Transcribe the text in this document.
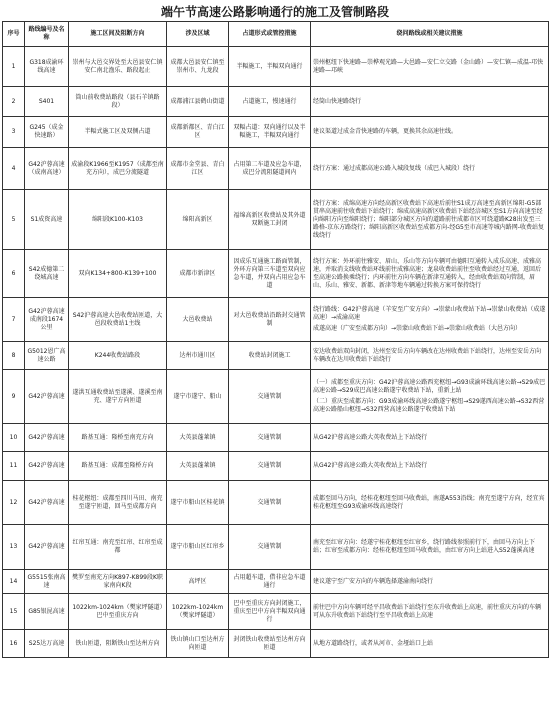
端午节高速公路影响通行的施工及管制路段
序号	路线编号及名称	施工区间及阻断方向	涉及区域	占道形式或管控措施	绕问路线或相关建议措施
1	G318成渝环线高速	崇州与大邑交界处至大邑县安仁镇安仁南北渔乐、路段起止	成都大邑县安仁镇至崇州市、九龙段	半幅施工，半幅双向通行	崇州枢纽下快速路—崇桦观光路—大邑路—安仁立交路（金山路）—安仁镇—成温-邛快速路—邛峡

2	S401	筒山前收费站路段（县石羊镇路段）	成都浦江县鹤山街道	占道施工，慢速通行	经筒山快速路绕行

3	G245（成金快速路）	半幅式施工区及双侧占道	成都新都区、青白江区	双幅占道：双向通行以及半幅施工，半幅双向通行	建议渠道过成金青快速路的车辆，更换其余高速往线。

4	G42沪蓉高速（成南高速）	成渝段K1966至K1957（成都至南充方向），成巴分流隧道	成都市金堂县、青白江区	占用第二车道及应急车道，成巴分流阻隧道间内	绕行方案：通过成都高速公路入城段复线（成巴入城段）绕行

5	S1成资高速	绵阳段K100-K103	绵阳高新区	福绵高新区收费站及其外道双断施工封闭	绕行方案：成绵高速方向经高新区收费站下高速后前往S1成万高速至高新区绵阳-G5部贯串高速前往收费站下站绕行；绵成高速高新区收费站下站经涪城区至S1方向高速至经向绵阳方向至绵阳绕行；绵阳部分城区方向的道路前往成都市区可绕道路K28出发至三路格-京东方路绕行；绵阳高新区收费站至成都方向-经G5至市高速等城内路网-收费站复线绕行

6	S42成德第二绕城高速	双向K134+800-K139+100	成都市新津区	因成乐互通施工路面管制，外环方向第三车道至双向应急车道，并双向占用应急车道	绕行方案：外环前往雅安、眉山、乐山等方向车辆可由德阳互通转入成乐高速、成雅高速，并取消支线收费站环线前往成雅高速；龙泉收费站前往至收费站经过互通，返回后至高速公路换乘绕行；内环前往方向车辆在新津互通转入，经由收费站双向管制，眉山、乐山、雅安、新都、新津等地车辆通过转换方案可保持绕行

7	G42沪蓉高速成南段1674公里	S42沪蓉高速大邑收费站匝道，大邑段收费站1主线	大邑收费站	对大邑收费站沿路封交通管制	绕行路线：G42沪蓉高速（羊安至广安方向）→崇蒙山收费站下站→崇蒙山收费站（成遂高速）→成渝高速
成遂高速（广安至成都方向）→崇蒙山收费站下站→崇蒙山收费站（大邑方向）

8	G5012恩广高速公路	K244收费站路段	达州市通川区	收费站封闭施工	安达收费站双向封闭，达州至安岳方向车辆改在达州收费站下站绕行，达州至安岳方向车辆改在达川收费站下站绕行

9	G42沪蓉高速	遂洪互通收费站至遂溪、遂溪至南充、遂宁方向匝道	遂宁市遂宁、船山	交通管制	（一）成都至重庆方向：G42沪蓉高速公路西充枢纽→G93成渝环线高速公路→S29成巴高速公路→S29成巴高速公路遂宁收费站下站，重新上站
（二）重庆至成都方向：G93成渝环线高速公路遂宁枢纽→S29遂西高速公路→S32西营高速公路船山枢纽→S32西营高速公路遂宁收费站下站

10	G42沪蓉高速	路基互通：隆桥至南充方向	大英县蓬莱镇	交通管制	从G42沪蓉高速公路大英收费站上下站绕行

11	G42沪蓉高速	路基互通：成都至隆桥方向	大英县蓬莱镇	交通管制	从G42沪蓉高速公路大英收费站上下站绕行

12	G42沪蓉高速	桂花枢纽：成都至四川马田、南充至遂宁匝道，回马至成都方向	遂宁市船山区桂花镇	交通管制	成都至回马方向，经桂花枢纽至回马收费站，南遂A553沿线；南充至遂宁方向，经宜宾桂花枢纽至G93成渝环线高速绕行

13	G42沪蓉高速	红帘互通：南充至红帘、红帘至成都	遂宁市船山区红帘乡	交通管制	南充至红帘方向：经遂宁桂花枢纽至红帘乡，绕行路线参照前行下，由回马方向上下站；红帘至成都方向：经桂花枢纽至回马收费站，由红帘方向上站进入S52蓬溪高速

14	G5515张南高速	樊罗至南充方向K897-K899段K职家南向K段	高坪区	占用超车道，借非应急车道通行	建议遂宁至广安方向的车辆选择遂渝南向绕行

15	G85银昆高速	1022km-1024km（樊家坪隧道）巴中至重庆方向	1022km-1024km（樊家坪隧道）	巴中至重庆方向封闭施工，重庆至巴中方向半幅双向通行	前往巴中方向车辆可经平昌收费站下站绕行至东升收费站上高速，前往重庆方向的车辆可从东升收费站下站绕行至平昌收费站上高速

16	S25达万高速	铁山匝道，阻断铁山至达州方向	铁山镇山口至达州方向匝道	封闭铁山收费站至达州方向匝道	从地方道路绕行，或者从河市、金垭站口上站
